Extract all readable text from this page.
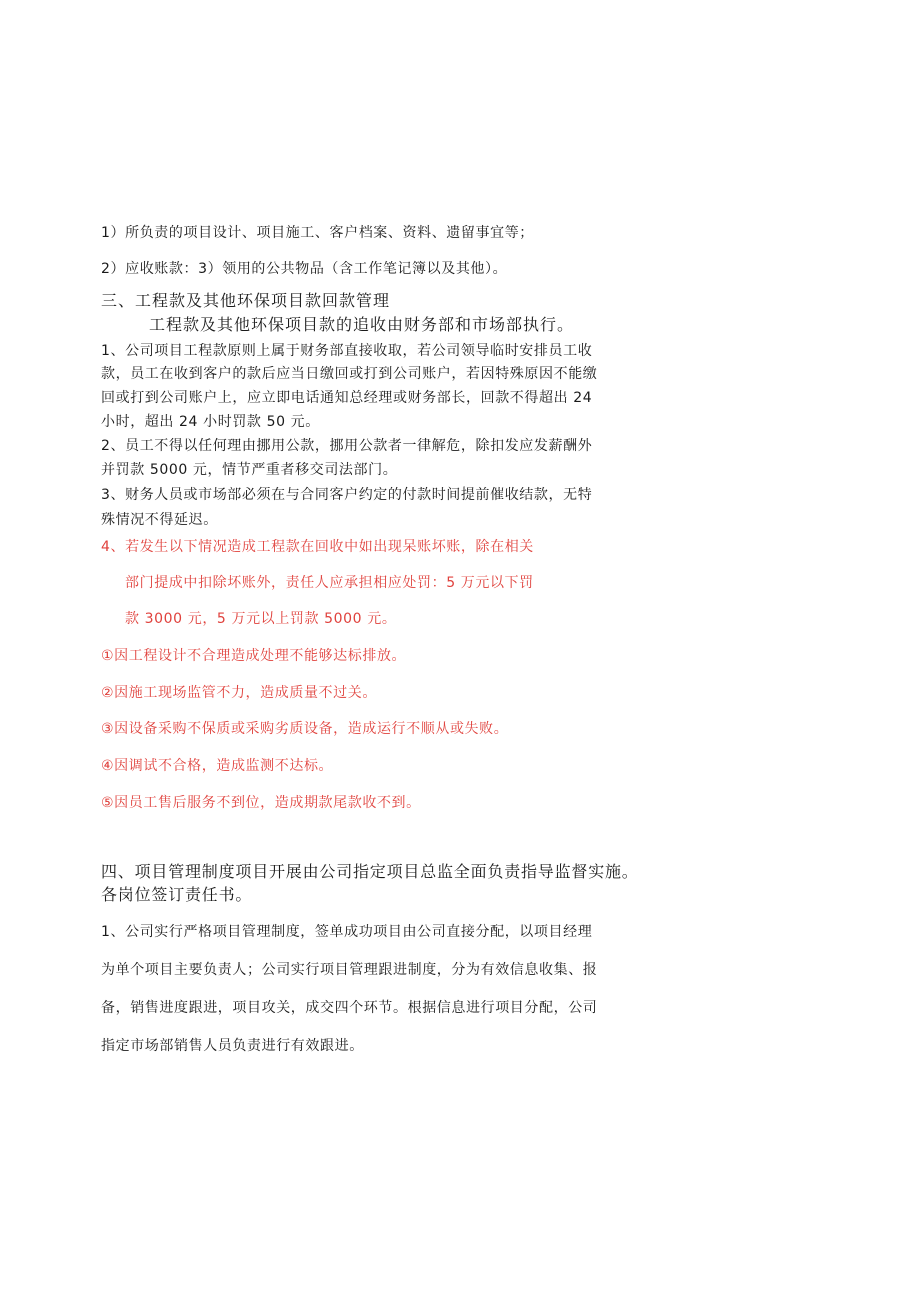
1）所负责的项目设计、项目施工、客户档案、资料、遗留事宜等；
2）应收账款：3）领用的公共物品（含工作笔记簿以及其他）。
三、工程款及其他环保项目款回款管理
工程款及其他环保项目款的追收由财务部和市场部执行。
1、公司项目工程款原则上属于财务部直接收取，若公司领导临时安排员工收
款，员工在收到客户的款后应当日缴回或打到公司账户，若因特殊原因不能缴
回或打到公司账户上，应立即电话通知总经理或财务部长，回款不得超出 24
小时，超出 24 小时罚款 50 元。
2、员工不得以任何理由挪用公款，挪用公款者一律解危，除扣发应发薪酬外
并罚款 5000 元，情节严重者移交司法部门。
3、财务人员或市场部必须在与合同客户约定的付款时间提前催收结款，无特
殊情况不得延迟。
4、若发生以下情况造成工程款在回收中如出现呆账坏账，除在相关
部门提成中扣除坏账外，责任人应承担相应处罚：5 万元以下罚
款 3000 元，5 万元以上罚款 5000 元。
①因工程设计不合理造成处理不能够达标排放。
②因施工现场监管不力，造成质量不过关。
③因设备采购不保质或采购劣质设备，造成运行不顺从或失败。
④因调试不合格，造成监测不达标。
⑤因员工售后服务不到位，造成期款尾款收不到。
四、项目管理制度项目开展由公司指定项目总监全面负责指导监督实施。
各岗位签订责任书。
1、公司实行严格项目管理制度，签单成功项目由公司直接分配，以项目经理
为单个项目主要负责人；公司实行项目管理跟进制度，分为有效信息收集、报
备，销售进度跟进，项目攻关，成交四个环节。根据信息进行项目分配，公司
指定市场部销售人员负责进行有效跟进。
